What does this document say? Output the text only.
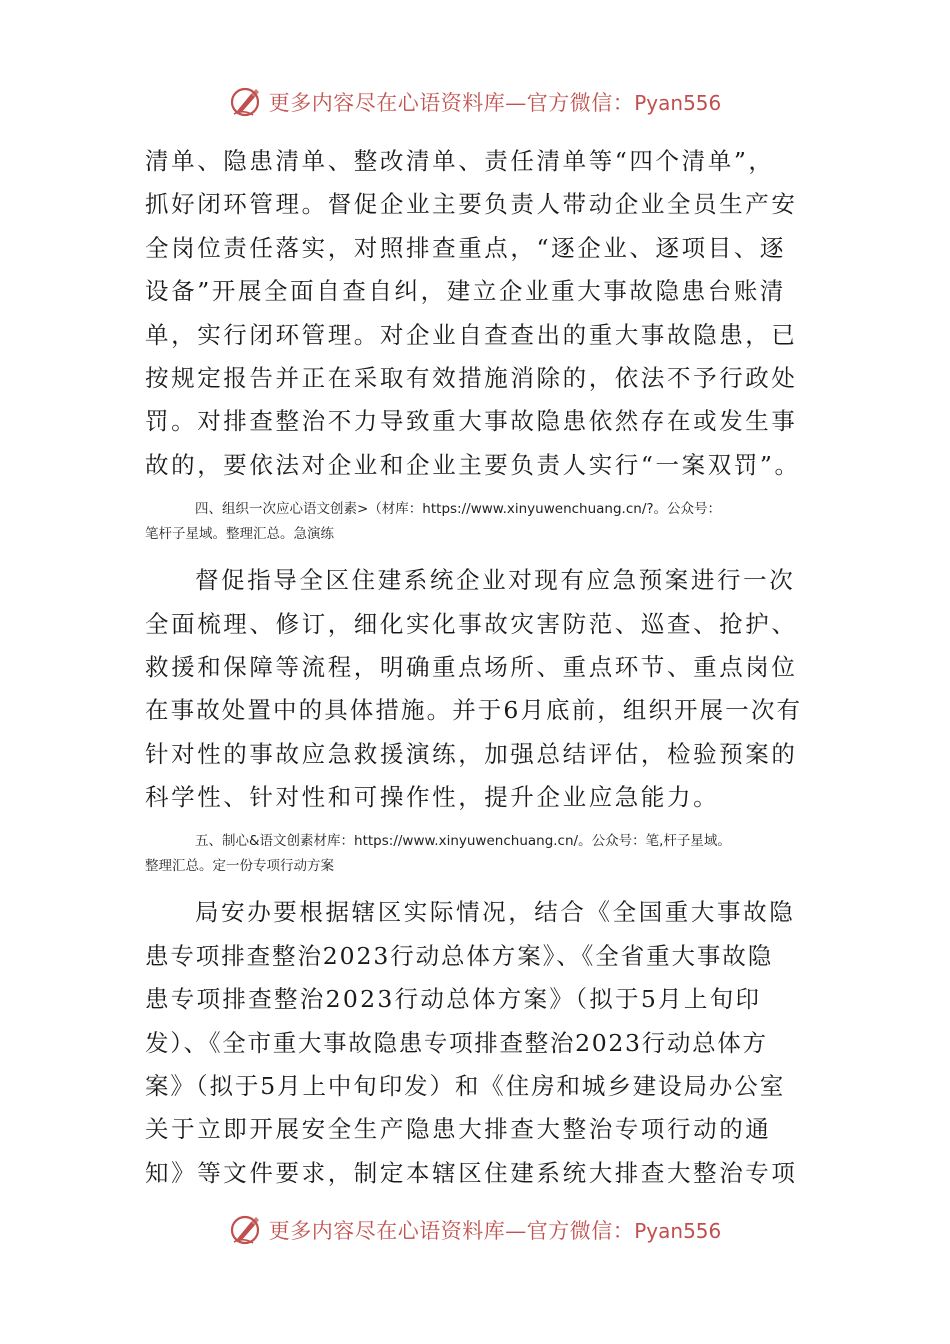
更多内容尽在心语资料库—官方微信：Pyan556
清单、隐患清单、整改清单、责任清单等“四个清单”，
抓好闭环管理。督促企业主要负责人带动企业全员生产安
全岗位责任落实，对照排查重点，“逐企业、逐项目、逐
设备”开展全面自查自纠，建立企业重大事故隐患台账清
单，实行闭环管理。对企业自查查出的重大事故隐患，已
按规定报告并正在采取有效措施消除的，依法不予行政处
罚。对排查整治不力导致重大事故隐患依然存在或发生事
故的，要依法对企业和企业主要负责人实行“一案双罚”。
四、组织一次应心语文创素>（材库：https://www.xinyuwenchuang.cn/?。公众号：
笔杆子星域。整理汇总。急演练
督促指导全区住建系统企业对现有应急预案进行一次
全面梳理、修订，细化实化事故灾害防范、巡查、抢护、
救援和保障等流程，明确重点场所、重点环节、重点岗位
在事故处置中的具体措施。并于6月底前，组织开展一次有
针对性的事故应急救援演练，加强总结评估，检验预案的
科学性、针对性和可操作性，提升企业应急能力。
五、制心&语文创素材库：https://www.xinyuwenchuang.cn/。公众号：笔,杆子星域。
整理汇总。定一份专项行动方案
局安办要根据辖区实际情况，结合《全国重大事故隐
患专项排查整治2023行动总体方案》、《全省重大事故隐
患专项排查整治2023行动总体方案》（拟于5月上旬印
发）、《全市重大事故隐患专项排查整治2023行动总体方
案》（拟于5月上中旬印发）和《住房和城乡建设局办公室
关于立即开展安全生产隐患大排查大整治专项行动的通
知》等文件要求，制定本辖区住建系统大排查大整治专项
更多内容尽在心语资料库—官方微信：Pyan556
